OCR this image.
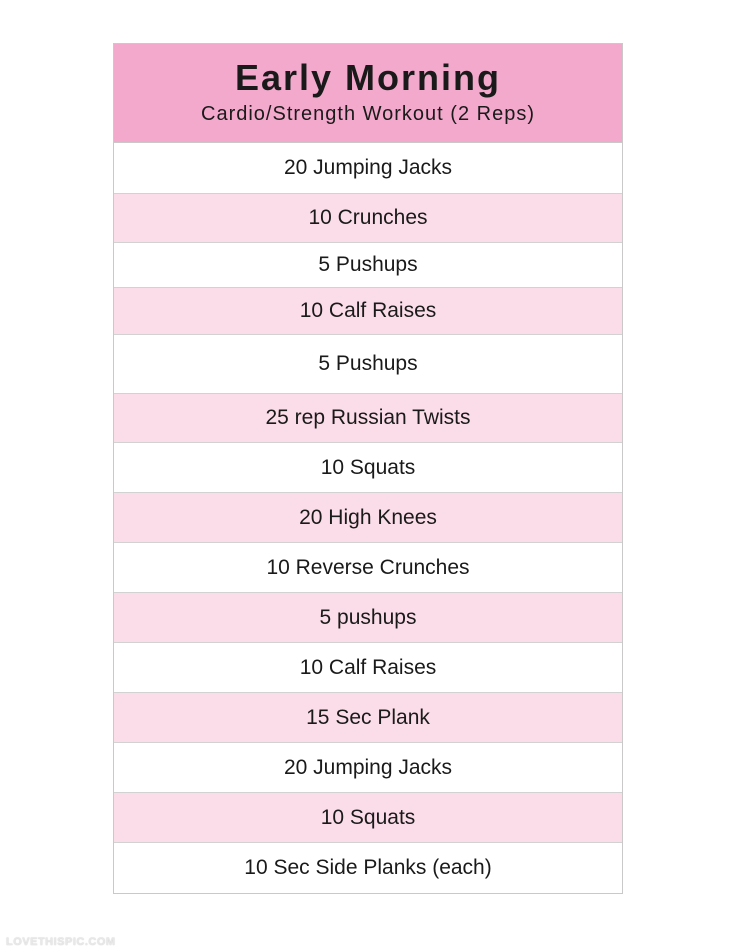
Early Morning
Cardio/Strength Workout (2 Reps)
20 Jumping Jacks
10 Crunches
5 Pushups
10 Calf Raises
5 Pushups
25 rep Russian Twists
10 Squats
20 High Knees
10 Reverse Crunches
5 pushups
10 Calf Raises
15 Sec Plank
20 Jumping Jacks
10 Squats
10 Sec Side Planks (each)
LOVETHISPIC.COM
